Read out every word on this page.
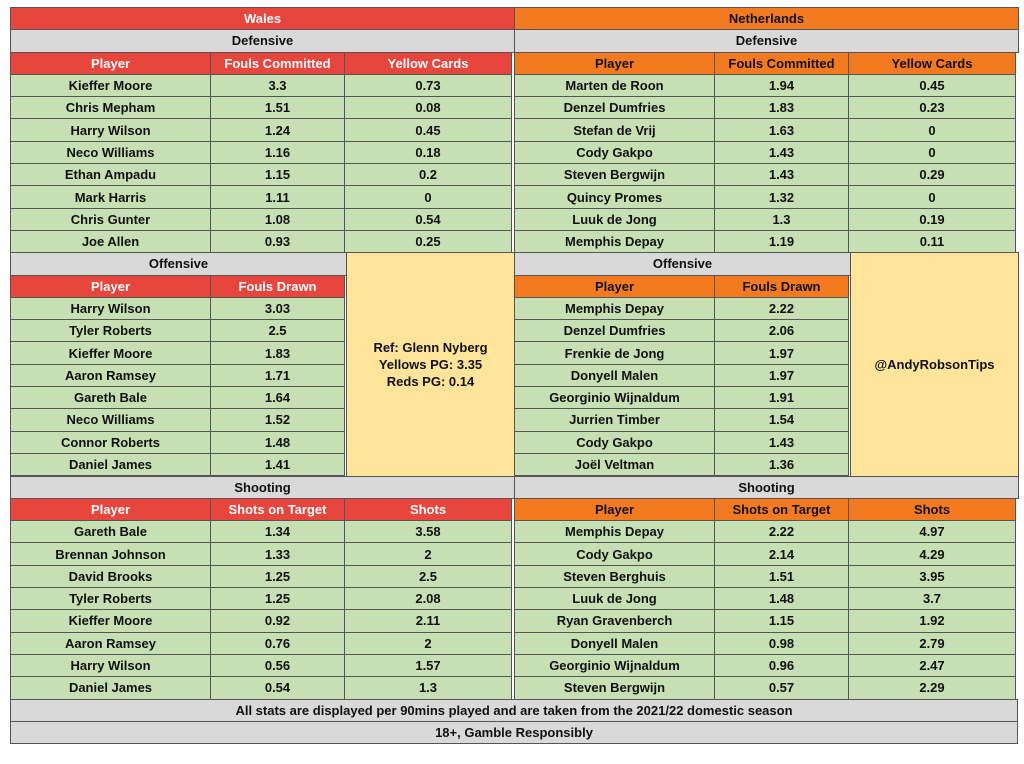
Wales
Defensive
Player	Fouls Committed	Yellow Cards
Kieffer Moore	3.3	0.73
Chris Mepham	1.51	0.08
Harry Wilson	1.24	0.45
Neco Williams	1.16	0.18
Ethan Ampadu	1.15	0.2
Mark Harris	1.11	0
Chris Gunter	1.08	0.54
Joe Allen	0.93	0.25
Offensive
Player	Fouls Drawn
Harry Wilson	3.03
Tyler Roberts	2.5
Kieffer Moore	1.83
Aaron Ramsey	1.71
Gareth Bale	1.64
Neco Williams	1.52
Connor Roberts	1.48
Daniel James	1.41
Ref: Glenn Nyberg
Yellows PG: 3.35
Reds PG: 0.14
Shooting
Player	Shots on Target	Shots
Gareth Bale	1.34	3.58
Brennan Johnson	1.33	2
David Brooks	1.25	2.5
Tyler Roberts	1.25	2.08
Kieffer Moore	0.92	2.11
Aaron Ramsey	0.76	2
Harry Wilson	0.56	1.57
Daniel James	0.54	1.3
Netherlands
Defensive
Player	Fouls Committed	Yellow Cards
Marten de Roon	1.94	0.45
Denzel Dumfries	1.83	0.23
Stefan de Vrij	1.63	0
Cody Gakpo	1.43	0
Steven Bergwijn	1.43	0.29
Quincy Promes	1.32	0
Luuk de Jong	1.3	0.19
Memphis Depay	1.19	0.11
Offensive
Player	Fouls Drawn
Memphis Depay	2.22
Denzel Dumfries	2.06
Frenkie de Jong	1.97
Donyell Malen	1.97
Georginio Wijnaldum	1.91
Jurrien Timber	1.54
Cody Gakpo	1.43
Joël Veltman	1.36
@AndyRobsonTips
Shooting
Player	Shots on Target	Shots
Memphis Depay	2.22	4.97
Cody Gakpo	2.14	4.29
Steven Berghuis	1.51	3.95
Luuk de Jong	1.48	3.7
Ryan Gravenberch	1.15	1.92
Donyell Malen	0.98	2.79
Georginio Wijnaldum	0.96	2.47
Steven Bergwijn	0.57	2.29
All stats are displayed per 90mins played and are taken from the 2021/22 domestic season
18+, Gamble Responsibly
